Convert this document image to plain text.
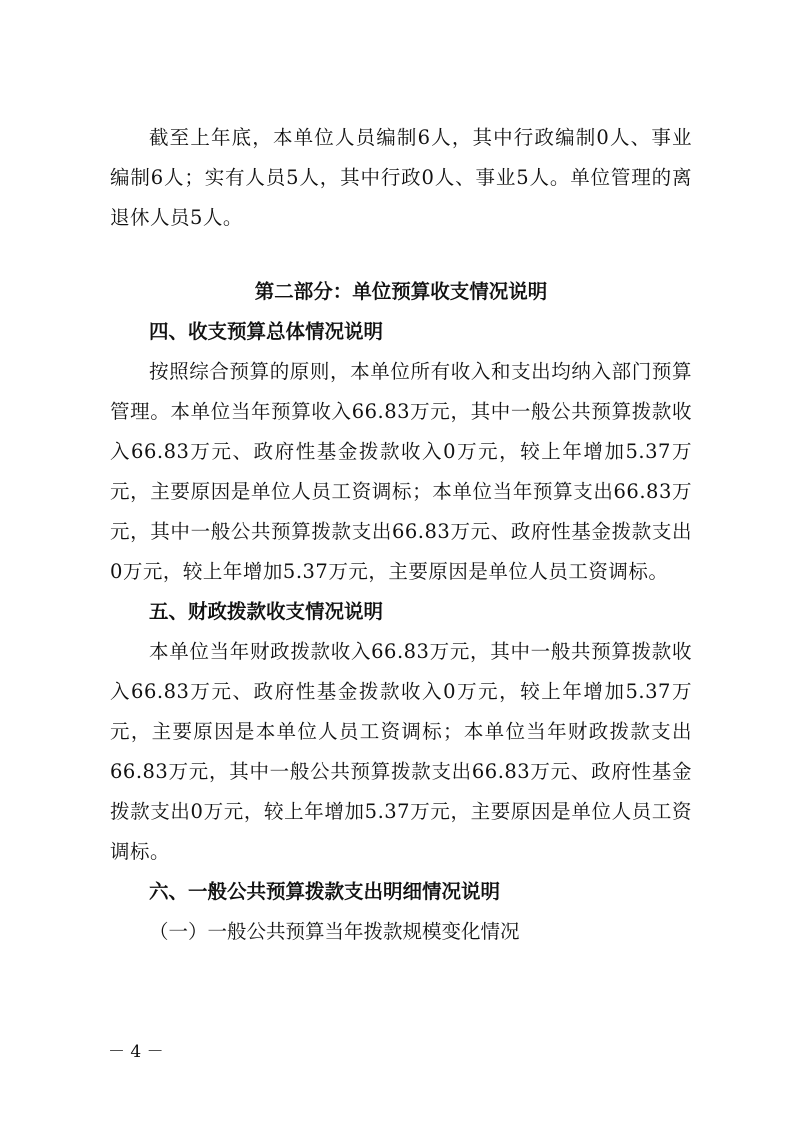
截至上年底，本单位人员编制6人，其中行政编制0人、事业编制6人；实有人员5人，其中行政0人、事业5人。单位管理的离退休人员5人。

第二部分：单位预算收支情况说明
四、收支预算总体情况说明

按照综合预算的原则，本单位所有收入和支出均纳入部门预算管理。本单位当年预算收入66.83万元，其中一般公共预算拨款收入66.83万元、政府性基金拨款收入0万元，较上年增加5.37万元，主要原因是单位人员工资调标；本单位当年预算支出66.83万元，其中一般公共预算拨款支出66.83万元、政府性基金拨款支出0万元，较上年增加5.37万元，主要原因是单位人员工资调标。

五、财政拨款收支情况说明

本单位当年财政拨款收入66.83万元，其中一般共预算拨款收入66.83万元、政府性基金拨款收入0万元，较上年增加5.37万元，主要原因是本单位人员工资调标；本单位当年财政拨款支出66.83万元，其中一般公共预算拨款支出66.83万元、政府性基金拨款支出0万元，较上年增加5.37万元，主要原因是单位人员工资调标。

六、一般公共预算拨款支出明细情况说明

（一）一般公共预算当年拨款规模变化情况

－ 4 －
